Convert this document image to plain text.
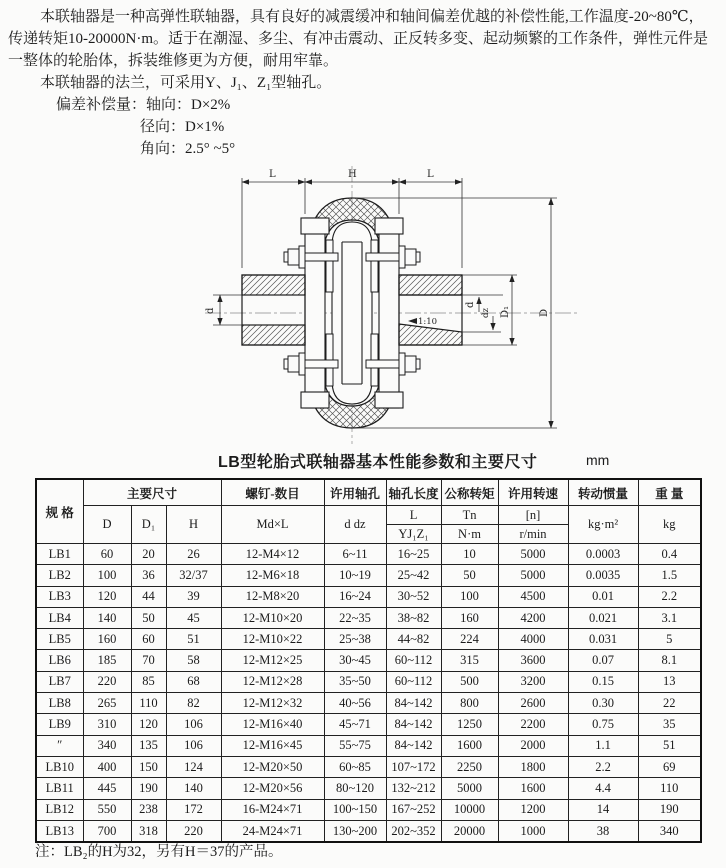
本联轴器是一种高弹性联轴器，具有良好的减震缓冲和轴间偏差优越的补偿性能,工作温度-20~80℃，
传递转矩10-20000N·m。适于在潮湿、多尘、有冲击震动、正反转多变、起动频繁的工作条件，弹性元件是
一整体的轮胎体，拆装维修更为方便，耐用牢靠。
本联轴器的法兰，可采用Y、J₁、Z₁型轴孔。
偏差补偿量：轴向：D×2%
径向：D×1%
角向：2.5° ~5°
1:10
L	H	L
d
d
dz D₁	D
LB型轮胎式联轴器基本性能参数和主要尺寸	mm
规 格	主要尺寸			螺钉-数目	许用轴孔	轴孔长度	公称转矩	许用转速	转动惯量	重 量
	D	D₁	H	Md×L	d dz	L	Tn	[n]	kg·m²	kg
						YJ₁Z₁	N·m	r/min		
LB1	60	20	26	12-M4×12	6~11	16~25	10	5000	0.0003	0.4
LB2	100	36	32/37	12-M6×18	10~19	25~42	50	5000	0.0035	1.5
LB3	120	44	39	12-M8×20	16~24	30~52	100	4500	0.01	2.2
LB4	140	50	45	12-M10×20	22~35	38~82	160	4200	0.021	3.1
LB5	160	60	51	12-M10×22	25~38	44~82	224	4000	0.031	5
LB6	185	70	58	12-M12×25	30~45	60~112	315	3600	0.07	8.1
LB7	220	85	68	12-M12×28	35~50	60~112	500	3200	0.15	13
LB8	265	110	82	12-M12×32	40~56	84~142	800	2600	0.30	22
LB9	310	120	106	12-M16×40	45~71	84~142	1250	2200	0.75	35
″	340	135	106	12-M16×45	55~75	84~142	1600	2000	1.1	51
LB10	400	150	124	12-M20×50	60~85	107~172	2250	1800	2.2	69
LB11	445	190	140	12-M20×56	80~120	132~212	5000	1600	4.4	110
LB12	550	238	172	16-M24×71	100~150	167~252	10000	1200	14	190
LB13	700	318	220	24-M24×71	130~200	202~352	20000	1000	38	340
注：LB₂的H为32，另有H＝37的产品。
